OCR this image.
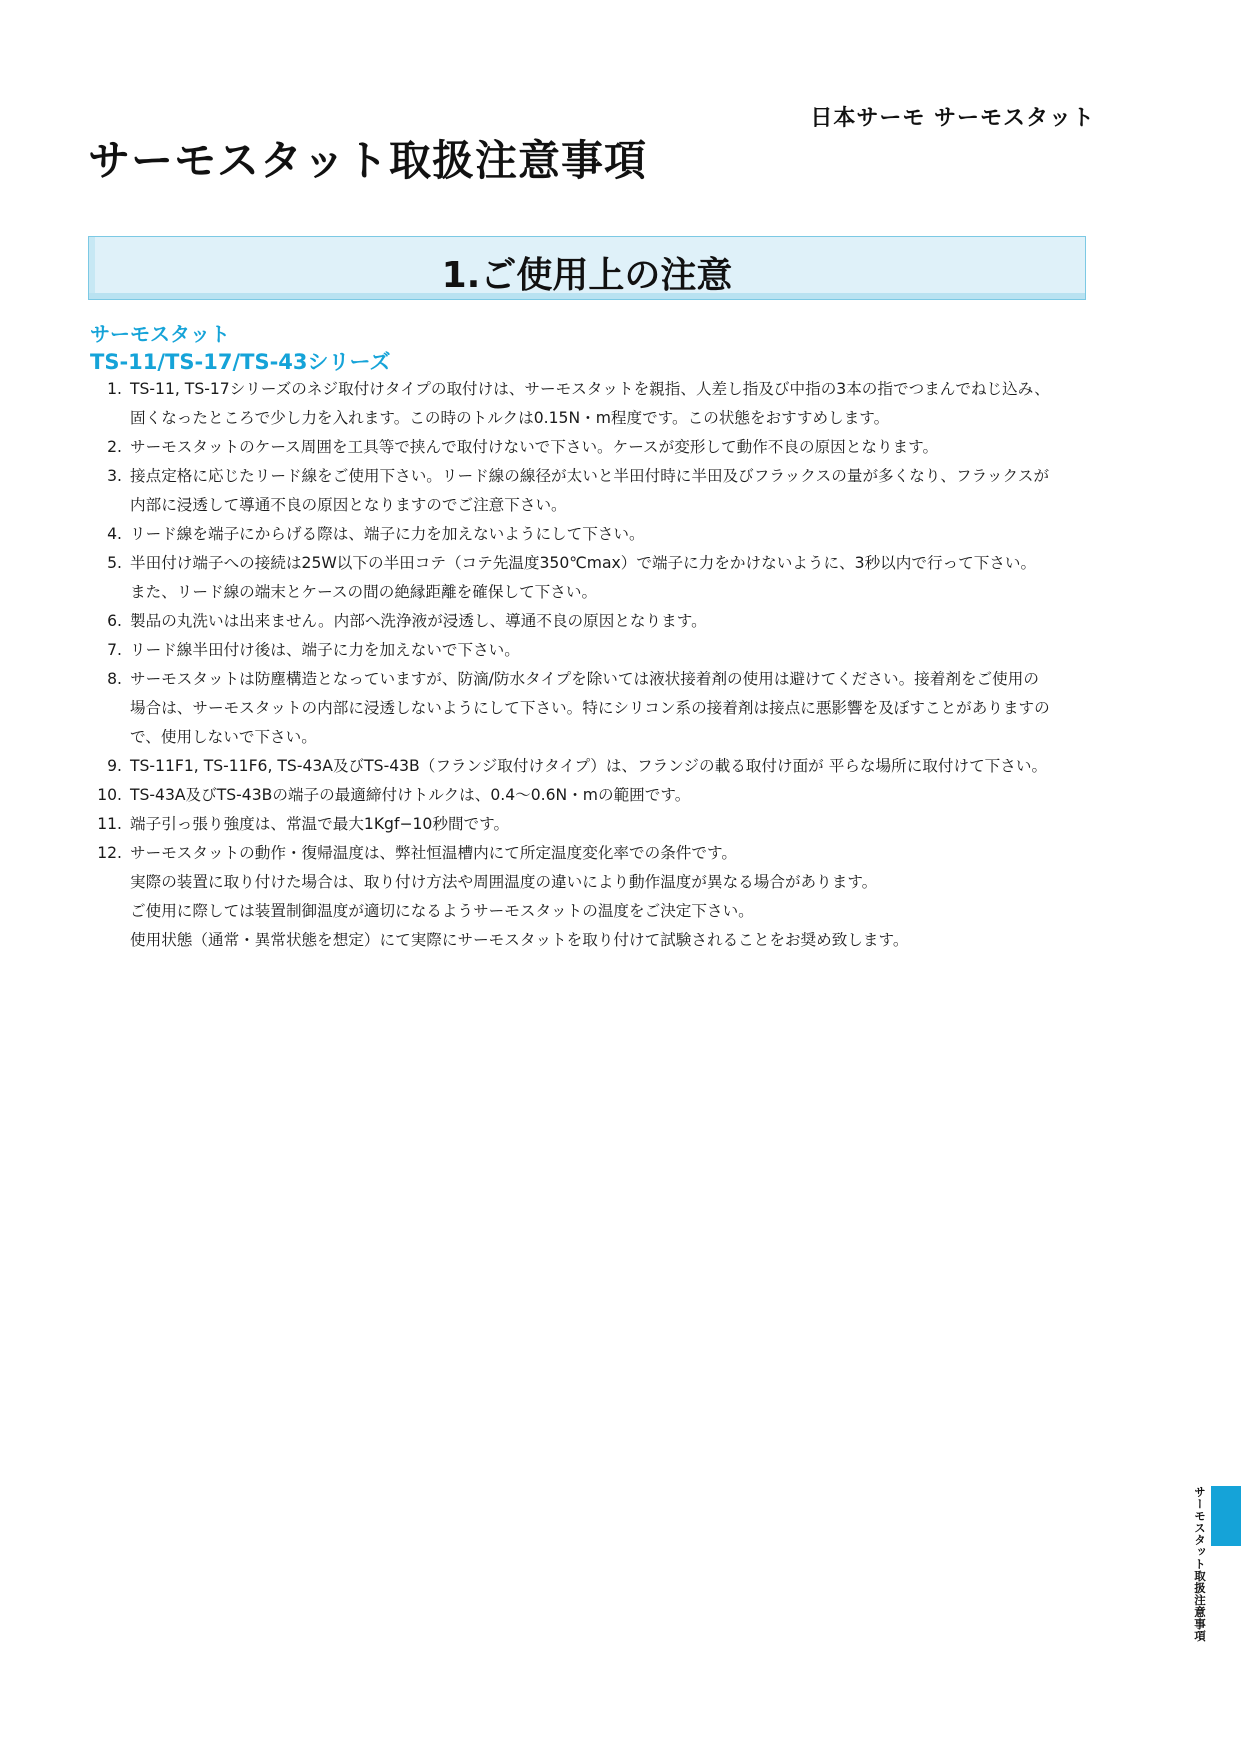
日本サーモ サーモスタット
サーモスタット取扱注意事項
1.ご使用上の注意
サーモスタット
TS-11/TS-17/TS-43シリーズ
1. TS-11, TS-17シリーズのネジ取付けタイプの取付けは、サーモスタットを親指、人差し指及び中指の3本の指でつまんでねじ込み、
固くなったところで少し力を入れます。この時のトルクは0.15N・m程度です。この状態をおすすめします。
2. サーモスタットのケース周囲を工具等で挟んで取付けないで下さい。ケースが変形して動作不良の原因となります。
3. 接点定格に応じたリード線をご使用下さい。リード線の線径が太いと半田付時に半田及びフラックスの量が多くなり、フラックスが
内部に浸透して導通不良の原因となりますのでご注意下さい。
4. リード線を端子にからげる際は、端子に力を加えないようにして下さい。
5. 半田付け端子への接続は25W以下の半田コテ（コテ先温度350℃max）で端子に力をかけないように、3秒以内で行って下さい。
また、リード線の端末とケースの間の絶縁距離を確保して下さい。
6. 製品の丸洗いは出来ません。内部へ洗浄液が浸透し、導通不良の原因となります。
7. リード線半田付け後は、端子に力を加えないで下さい。
8. サーモスタットは防塵構造となっていますが、防滴/防水タイプを除いては液状接着剤の使用は避けてください。接着剤をご使用の
場合は、サーモスタットの内部に浸透しないようにして下さい。特にシリコン系の接着剤は接点に悪影響を及ぼすことがありますの
で、使用しないで下さい。
9. TS-11F1, TS-11F6, TS-43A及びTS-43B（フランジ取付けタイプ）は、フランジの載る取付け面が 平らな場所に取付けて下さい。
10. TS-43A及びTS-43Bの端子の最適締付けトルクは、0.4〜0.6N・mの範囲です。
11. 端子引っ張り強度は、常温で最大1Kgf−10秒間です。
12. サーモスタットの動作・復帰温度は、弊社恒温槽内にて所定温度変化率での条件です。
実際の装置に取り付けた場合は、取り付け方法や周囲温度の違いにより動作温度が異なる場合があります。
ご使用に際しては装置制御温度が適切になるようサーモスタットの温度をご決定下さい。
使用状態（通常・異常状態を想定）にて実際にサーモスタットを取り付けて試験されることをお奨め致します。
サーモスタット取扱注意事項
